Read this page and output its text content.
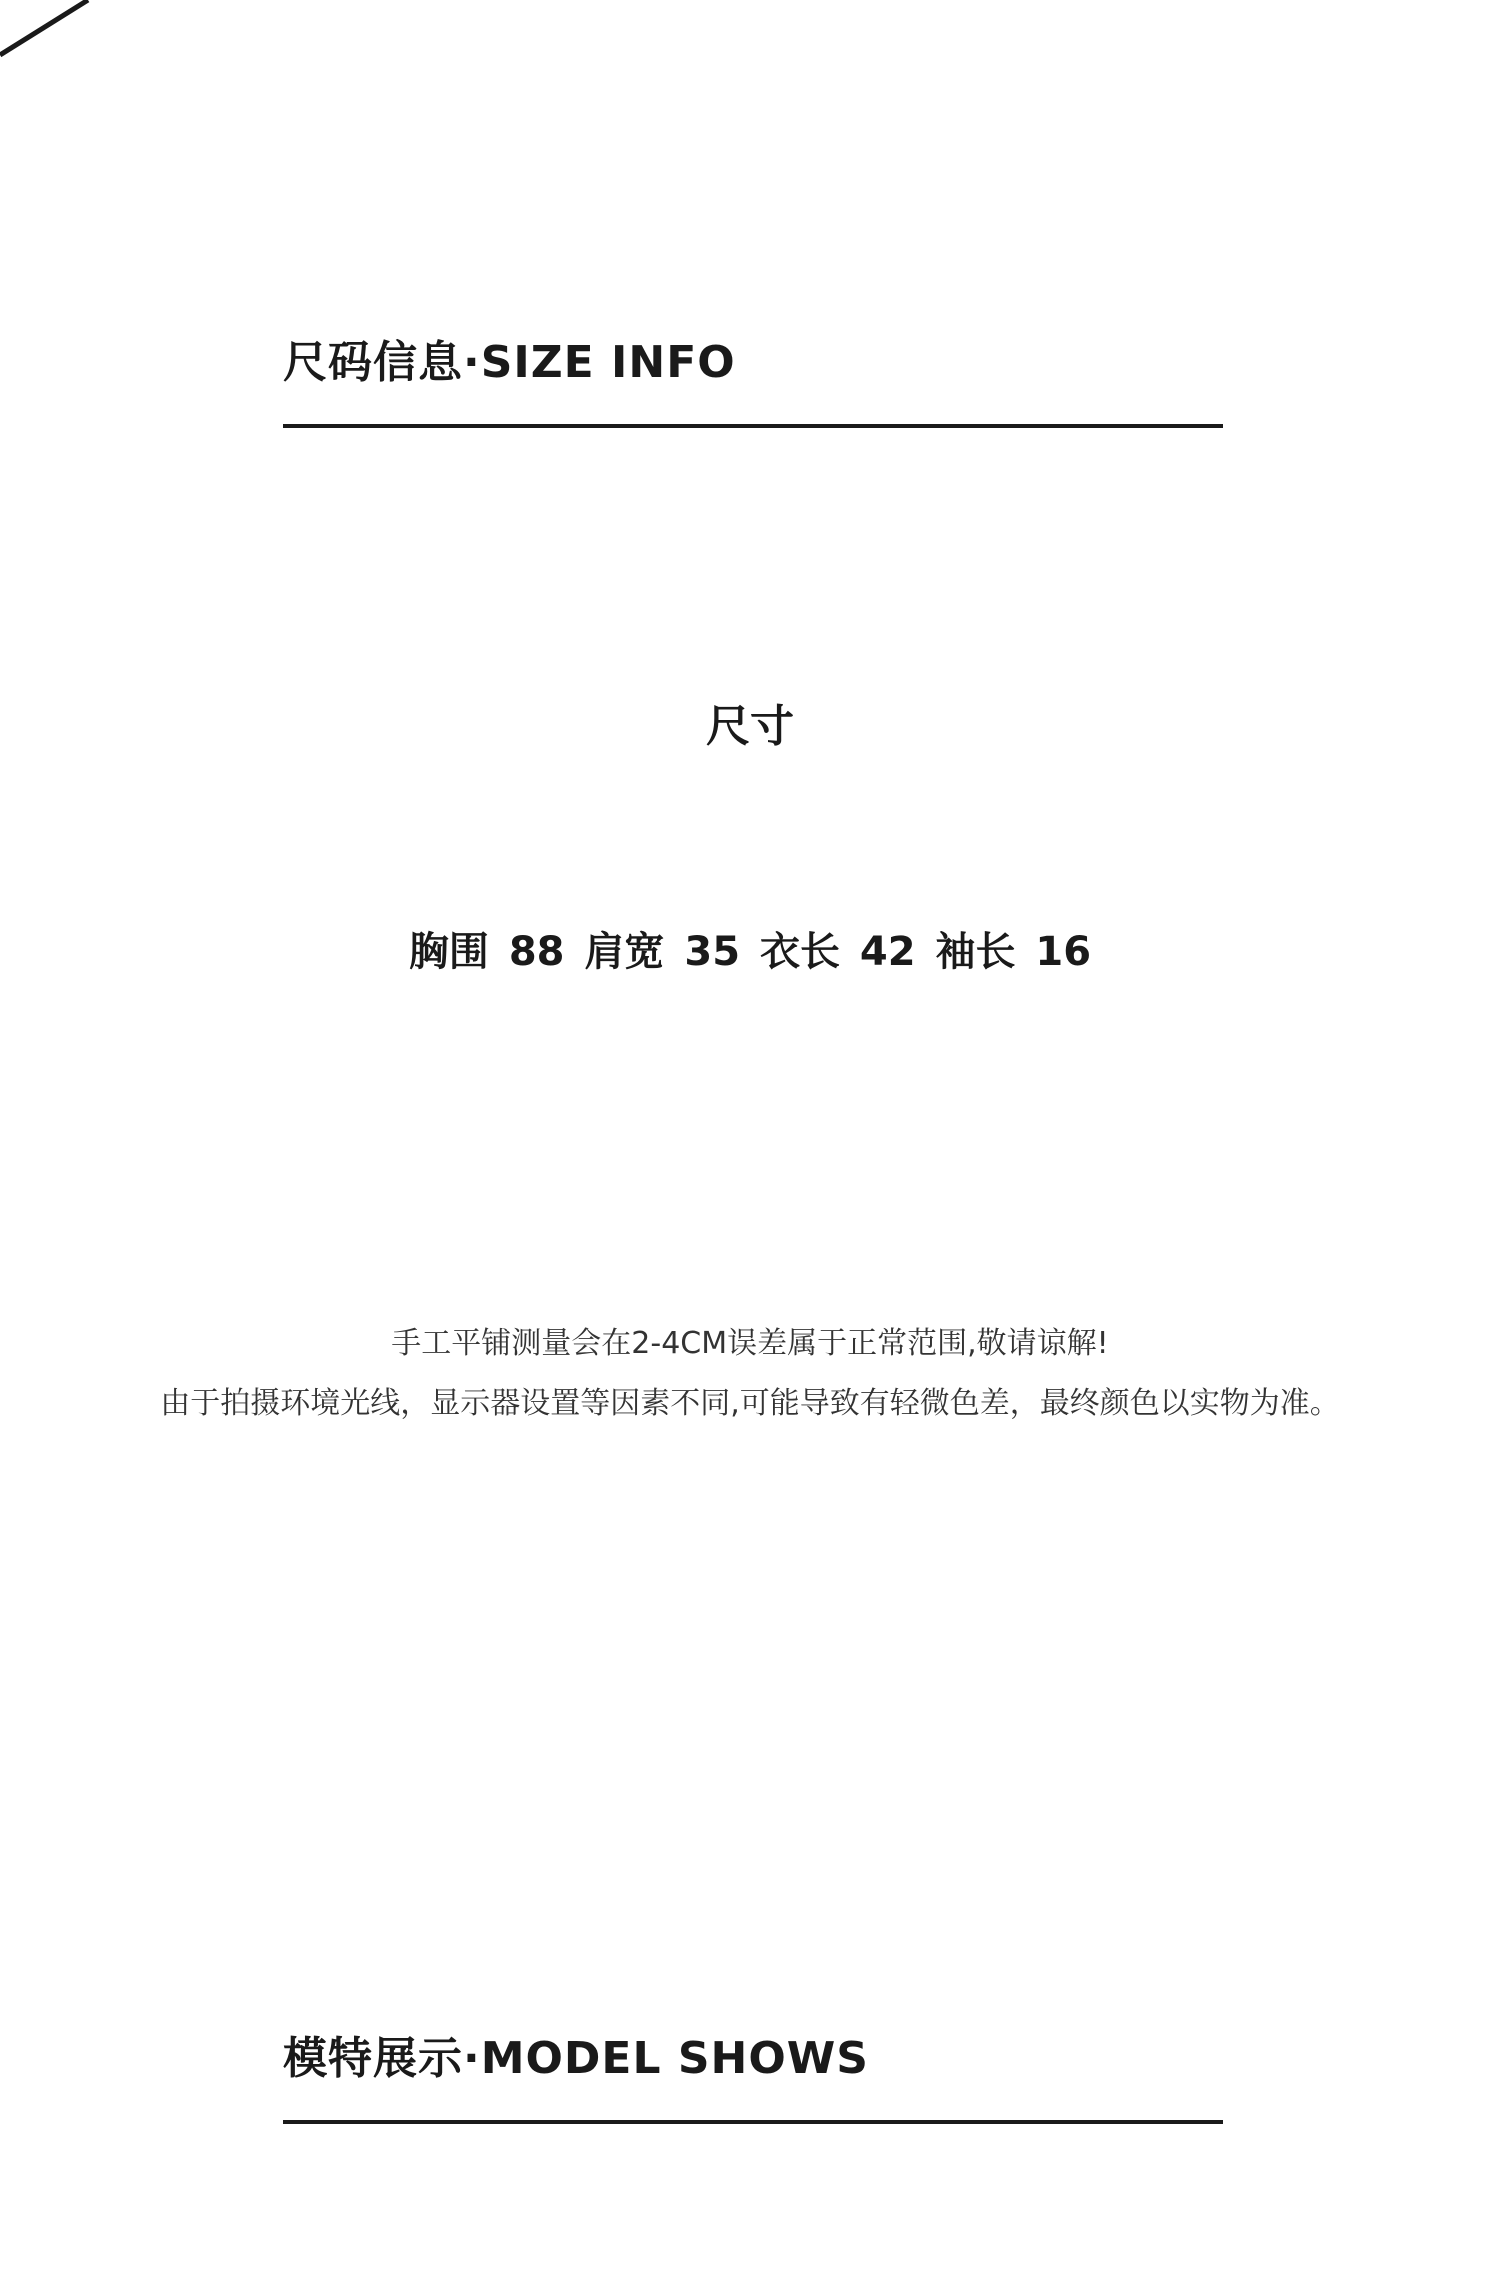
尺码信息·SIZE INFO
尺寸
胸围 88 肩宽 35 衣长 42 袖长 16
手工平铺测量会在2-4CM误差属于正常范围,敬请谅解!
由于拍摄环境光线，显示器设置等因素不同,可能导致有轻微色差，最终颜色以实物为准。
模特展示·MODEL SHOWS
